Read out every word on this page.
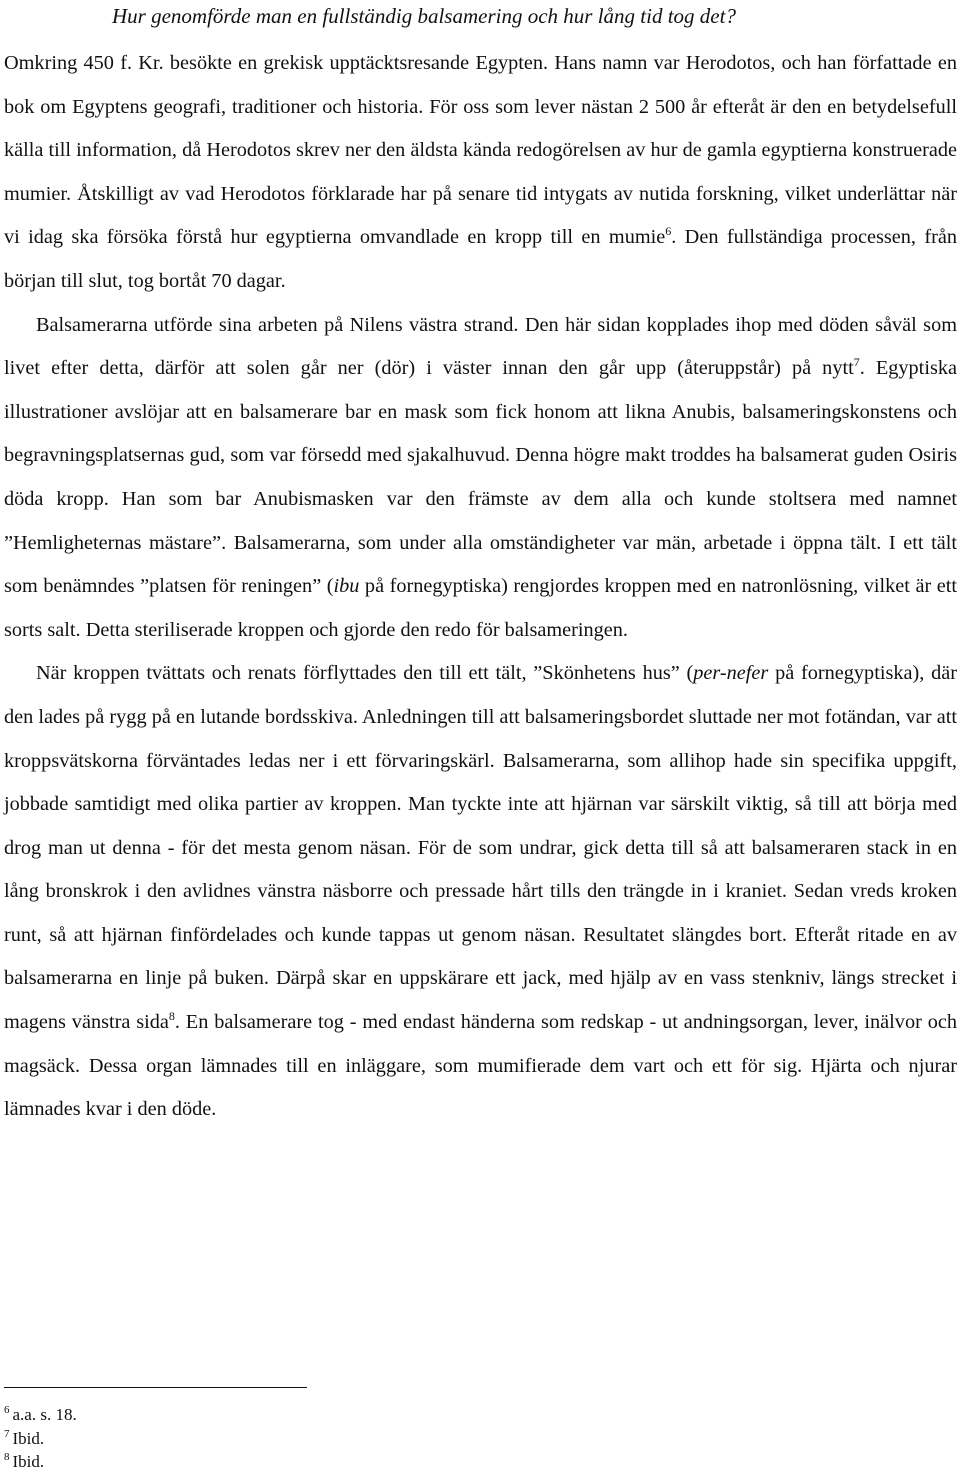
Hur genomförde man en fullständig balsamering och hur lång tid tog det?

Omkring 450 f. Kr. besökte en grekisk upptäcktsresande Egypten. Hans namn var Herodotos, och han författade en bok om Egyptens geografi, traditioner och historia. För oss som lever nästan 2 500 år efteråt är den en betydelsefull källa till information, då Herodotos skrev ner den äldsta kända redogörelsen av hur de gamla egyptierna konstruerade mumier. Åtskilligt av vad Herodotos förklarade har på senare tid intygats av nutida forskning, vilket underlättar när vi idag ska försöka förstå hur egyptierna omvandlade en kropp till en mumie$^6$. Den fullständiga processen, från början till slut, tog bortåt 70 dagar.

Balsamerarna utförde sina arbeten på Nilens västra strand. Den här sidan kopplades ihop med döden såväl som livet efter detta, därför att solen går ner (dör) i väster innan den går upp (återuppstår) på nytt$^7$. Egyptiska illustrationer avslöjar att en balsamerare bar en mask som fick honom att likna Anubis, balsameringskonstens och begravningsplatsernas gud, som var försedd med sjakalhuvud. Denna högre makt troddes ha balsamerat guden Osiris döda kropp. Han som bar Anubismasken var den främste av dem alla och kunde stoltsera med namnet ”Hemligheternas mästare”. Balsamerarna, som under alla omständigheter var män, arbetade i öppna tält. I ett tält som benämndes ”platsen för reningen” (ibu på fornegyptiska) rengjordes kroppen med en natronlösning, vilket är ett sorts salt. Detta steriliserade kroppen och gjorde den redo för balsameringen.

När kroppen tvättats och renats förflyttades den till ett tält, ”Skönhetens hus” (per-nefer på fornegyptiska), där den lades på rygg på en lutande bordsskiva. Anledningen till att balsameringsbordet sluttade ner mot fotändan, var att kroppsvätskorna förväntades ledas ner i ett förvaringskärl. Balsamerarna, som allihop hade sin specifika uppgift, jobbade samtidigt med olika partier av kroppen. Man tyckte inte att hjärnan var särskilt viktig, så till att börja med drog man ut denna - för det mesta genom näsan. För de som undrar, gick detta till så att balsameraren stack in en lång bronskrok i den avlidnes vänstra näsborre och pressade hårt tills den trängde in i kraniet. Sedan vreds kroken runt, så att hjärnan finfördelades och kunde tappas ut genom näsan. Resultatet slängdes bort. Efteråt ritade en av balsamerarna en linje på buken. Därpå skar en uppskärare ett jack, med hjälp av en vass stenkniv, längs strecket i magens vänstra sida$^8$. En balsamerare tog - med endast händerna som redskap - ut andningsorgan, lever, inälvor och magsäck. Dessa organ lämnades till en inläggare, som mumifierade dem vart och ett för sig. Hjärta och njurar lämnades kvar i den döde.

$^6$ a.a. s. 18.
$^7$ Ibid.
$^8$ Ibid.
